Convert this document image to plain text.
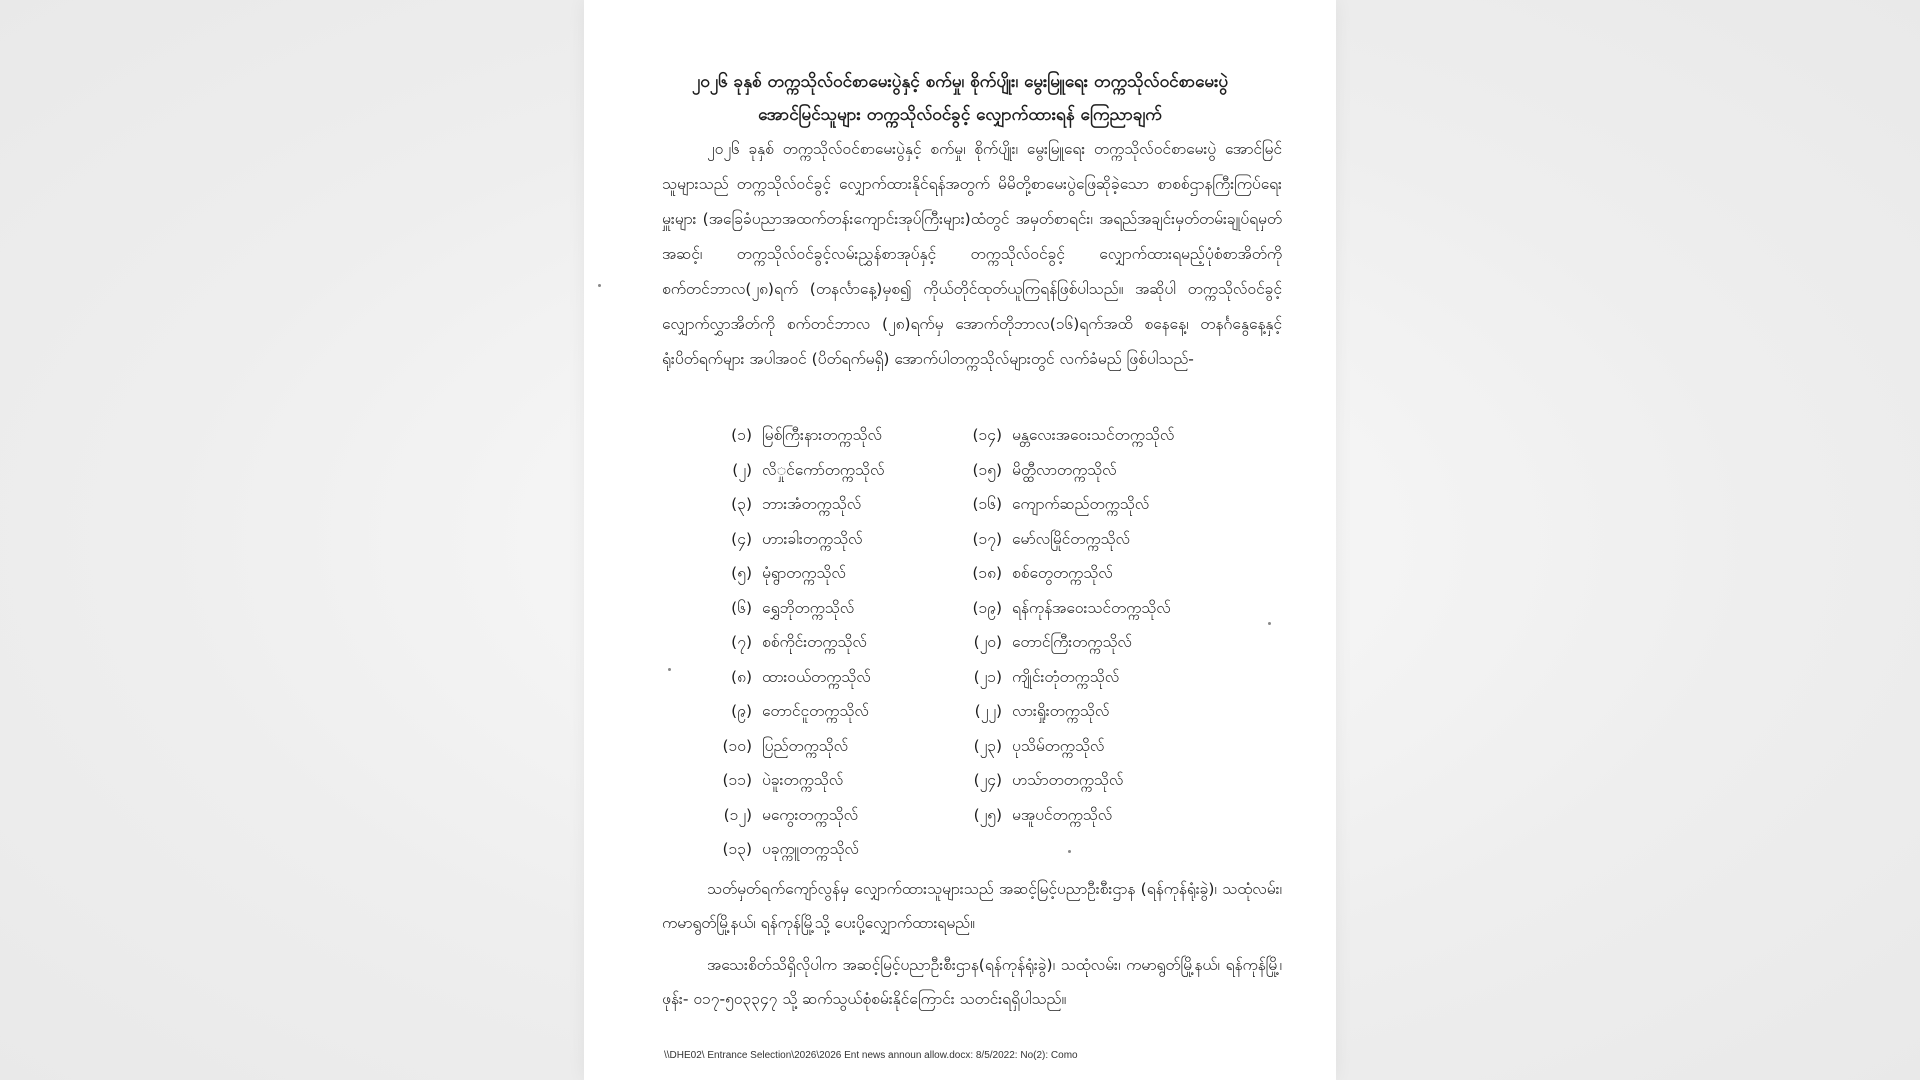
၂၀၂၆ ခုနှစ် တက္ကသိုလ်ဝင်စာမေးပွဲနှင့် စက်မှု၊ စိုက်ပျိုး၊ မွေးမြူရေး တက္ကသိုလ်ဝင်စာမေးပွဲ
အောင်မြင်သူများ တက္ကသိုလ်ဝင်ခွင့် လျှောက်ထားရန် ကြေညာချက်
၂၀၂၆ ခုနှစ် တက္ကသိုလ်ဝင်စာမေးပွဲနှင့် စက်မှု၊ စိုက်ပျိုး၊ မွေးမြူရေး တက္ကသိုလ်ဝင်စာမေးပွဲ အောင်မြင်သူများသည် တက္ကသိုလ်ဝင်ခွင့် လျှောက်ထားနိုင်ရန်အတွက် မိမိတို့စာမေးပွဲဖြေဆိုခဲ့သော စာစစ်ဌာနကြီးကြပ်ရေးမှူးများ (အခြေခံပညာအထက်တန်းကျောင်းအုပ်ကြီးများ)ထံတွင် အမှတ်စာရင်း၊ အရည်အချင်းမှတ်တမ်းချုပ်ရမှတ်အဆင့်၊ တက္ကသိုလ်ဝင်ခွင့်လမ်းညွှန်စာအုပ်နှင့် တက္ကသိုလ်ဝင်ခွင့် လျှောက်ထားရမည့်ပုံစံစာအိတ်ကို စက်တင်ဘာလ(၂၈)ရက် (တနင်္လာနေ့)မှစ၍ ကိုယ်တိုင်ထုတ်ယူကြရန်ဖြစ်ပါသည်။ အဆိုပါ တက္ကသိုလ်ဝင်ခွင့်လျှောက်လွှာအိတ်ကို စက်တင်ဘာလ (၂၈)ရက်မှ အောက်တိုဘာလ(၁၆)ရက်အထိ စနေနေ့၊ တနင်္ဂနွေနေ့နှင့် ရုံးပိတ်ရက်များ အပါအဝင် (ပိတ်ရက်မရှိ) အောက်ပါတက္ကသိုလ်များတွင် လက်ခံမည် ဖြစ်ပါသည်-
(၁) မြစ်ကြီးနားတက္ကသိုလ်
(၂) လိှုင်ကော်တက္ကသိုလ်
(၃) ဘားအံတက္ကသိုလ်
(၄) ဟားခါးတက္ကသိုလ်
(၅) မုံရွာတက္ကသိုလ်
(၆) ရွှေဘိုတက္ကသိုလ်
(၇) စစ်ကိုင်းတက္ကသိုလ်
(၈) ထားဝယ်တက္ကသိုလ်
(၉) တောင်ငူတက္ကသိုလ်
(၁၀) ပြည်တက္ကသိုလ်
(၁၁) ပဲခူးတက္ကသိုလ်
(၁၂) မကွေးတက္ကသိုလ်
(၁၃) ပခုက္ကူတက္ကသိုလ်
(၁၄) မန္တလေးအဝေးသင်တက္ကသိုလ်
(၁၅) မိတ္ထီလာတက္ကသိုလ်
(၁၆) ကျောက်ဆည်တက္ကသိုလ်
(၁၇) မော်လမြိုင်တက္ကသိုလ်
(၁၈) စစ်တွေတက္ကသိုလ်
(၁၉) ရန်ကုန်အဝေးသင်တက္ကသိုလ်
(၂၀) တောင်ကြီးတက္ကသိုလ်
(၂၁) ကျိုင်းတုံတက္ကသိုလ်
(၂၂) လားရှိုးတက္ကသိုလ်
(၂၃) ပုသိမ်တက္ကသိုလ်
(၂၄) ဟသ်ာတတက္ကသိုလ်
(၂၅) မအူပင်တက္ကသိုလ်
သတ်မှတ်ရက်ကျော်လွန်မှ လျှောက်ထားသူများသည် အဆင့်မြင့်ပညာဦးစီးဌာန (ရန်ကုန်ရုံးခွဲ)၊ သထုံလမ်း၊ ကမာရွတ်မြို့နယ်၊ ရန်ကုန်မြို့သို့ ပေးပို့လျှောက်ထားရမည်။
အသေးစိတ်သိရှိလိုပါက အဆင့်မြင့်ပညာဦးစီးဌာန(ရန်ကုန်ရုံးခွဲ)၊ သထုံလမ်း၊ ကမာရွတ်မြို့နယ်၊ ရန်ကုန်မြို့၊ ဖုန်း- ၀၁၇-၅၀၃၃၄၇ သို့ ဆက်သွယ်စုံစမ်းနိုင်ကြောင်း သတင်းရရှိပါသည်။
\\DHE02\ Entrance Selection\2026\2026 Ent news announ allow.docx: 8/5/2022: No(2): Como
